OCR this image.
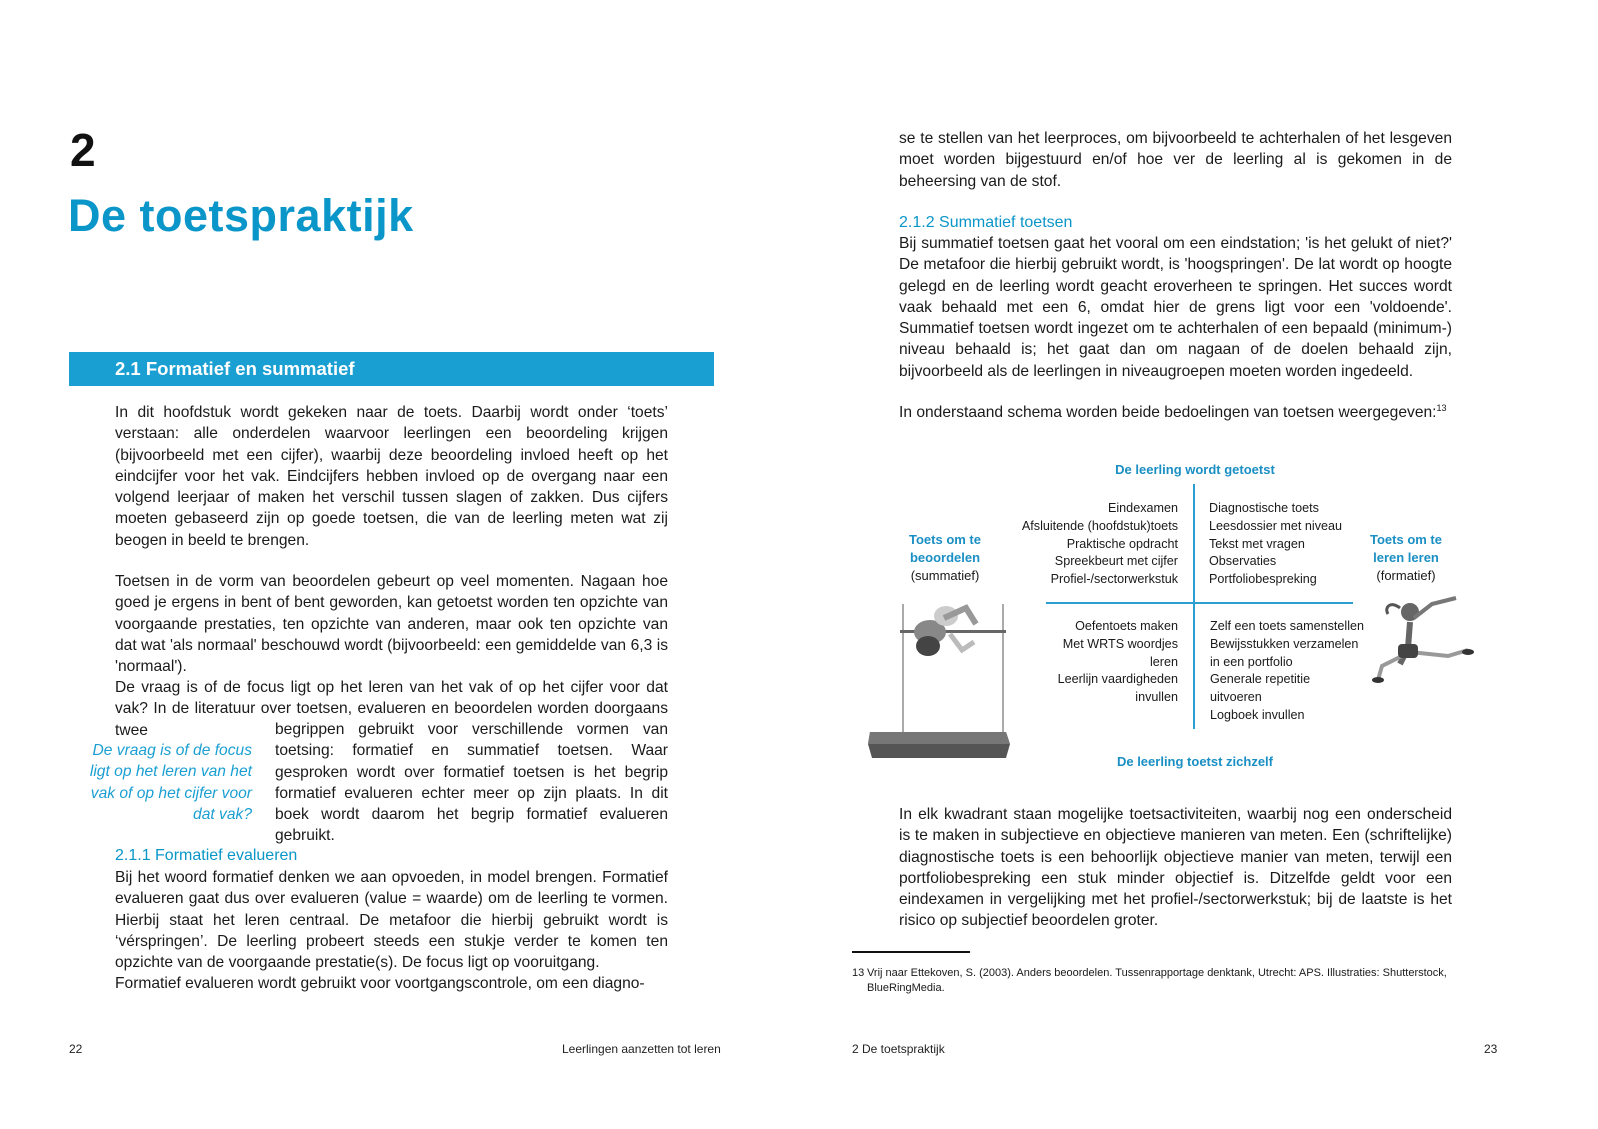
2
De toetspraktijk
2.1 Formatief en summatief
In dit hoofdstuk wordt gekeken naar de toets. Daarbij wordt onder ‘toets’ verstaan: alle onderdelen waarvoor leerlingen een beoordeling krijgen (bijvoorbeeld met een cijfer), waarbij deze beoordeling invloed heeft op het eindcijfer voor het vak. Eindcijfers hebben invloed op de overgang naar een volgend leerjaar of maken het verschil tussen slagen of zakken. Dus cijfers moeten gebaseerd zijn op goede toetsen, die van de leerling meten wat zij beogen in beeld te brengen.
Toetsen in de vorm van beoordelen gebeurt op veel momenten. Nagaan hoe goed je ergens in bent of bent geworden, kan getoetst worden ten opzichte van voorgaande prestaties, ten opzichte van anderen, maar ook ten opzichte van dat wat 'als normaal' beschouwd wordt (bijvoorbeeld: een gemiddelde van 6,3 is 'normaal').
De vraag is of de focus ligt op het leren van het vak of op het cijfer voor dat vak? In de literatuur over toetsen, evalueren en beoordelen worden doorgaans twee
De vraag is of de focus ligt op het leren van het vak of op het cijfer voor dat vak?
begrippen gebruikt voor verschillende vormen van toetsing: formatief en summatief toetsen. Waar gesproken wordt over formatief toetsen is het begrip formatief evalueren echter meer op zijn plaats. In dit boek wordt daarom het begrip formatief evalueren gebruikt.
2.1.1 Formatief evalueren
Bij het woord formatief denken we aan opvoeden, in model brengen. Formatief evalueren gaat dus over evalueren (value = waarde) om de leerling te vormen. Hierbij staat het leren centraal. De metafoor die hierbij gebruikt wordt is ‘vérspringen’. De leerling probeert steeds een stukje verder te komen ten opzichte van de voorgaande prestatie(s). De focus ligt op vooruitgang.
Formatief evalueren wordt gebruikt voor voortgangscontrole, om een diagno-
22	Leerlingen aanzetten tot leren
se te stellen van het leerproces, om bijvoorbeeld te achterhalen of het lesgeven moet worden bijgestuurd en/of hoe ver de leerling al is gekomen in de beheersing van de stof.
2.1.2 Summatief toetsen
Bij summatief toetsen gaat het vooral om een eindstation; 'is het gelukt of niet?' De metafoor die hierbij gebruikt wordt, is 'hoogspringen'. De lat wordt op hoogte gelegd en de leerling wordt geacht eroverheen te springen. Het succes wordt vaak behaald met een 6, omdat hier de grens ligt voor een 'voldoende'. Summatief toetsen wordt ingezet om te achterhalen of een bepaald (minimum-) niveau behaald is; het gaat dan om nagaan of de doelen behaald zijn, bijvoorbeeld als de leerlingen in niveaugroepen moeten worden ingedeeld.
In onderstaand schema worden beide bedoelingen van toetsen weergegeven:$^{13}$
De leerling wordt getoetst
De leerling toetst zichzelf
Toets om te beoordelen
(summatief)
Toets om te leren leren
(formatief)
Eindexamen
Afsluitende (hoofdstuk)toets
Praktische opdracht
Spreekbeurt met cijfer
Profiel-/sectorwerkstuk
Diagnostische toets
Leesdossier met niveau
Tekst met vragen
Observaties
Portfoliobespreking
Oefentoets maken
Met WRTS woordjes
leren
Leerlijn vaardigheden
invullen
Zelf een toets samenstellen
Bewijsstukken verzamelen
in een portfolio
Generale repetitie
uitvoeren
Logboek invullen
In elk kwadrant staan mogelijke toetsactiviteiten, waarbij nog een onderscheid is te maken in subjectieve en objectieve manieren van meten. Een (schriftelijke) diagnostische toets is een behoorlijk objectieve manier van meten, terwijl een portfoliobespreking een stuk minder objectief is. Ditzelfde geldt voor een eindexamen in vergelijking met het profiel-/sectorwerkstuk; bij de laatste is het risico op subjectief beoordelen groter.
13 Vrij naar Ettekoven, S. (2003). Anders beoordelen. Tussenrapportage denktank, Utrecht: APS. Illustraties: Shutterstock, BlueRingMedia.
2 De toetspraktijk	23
